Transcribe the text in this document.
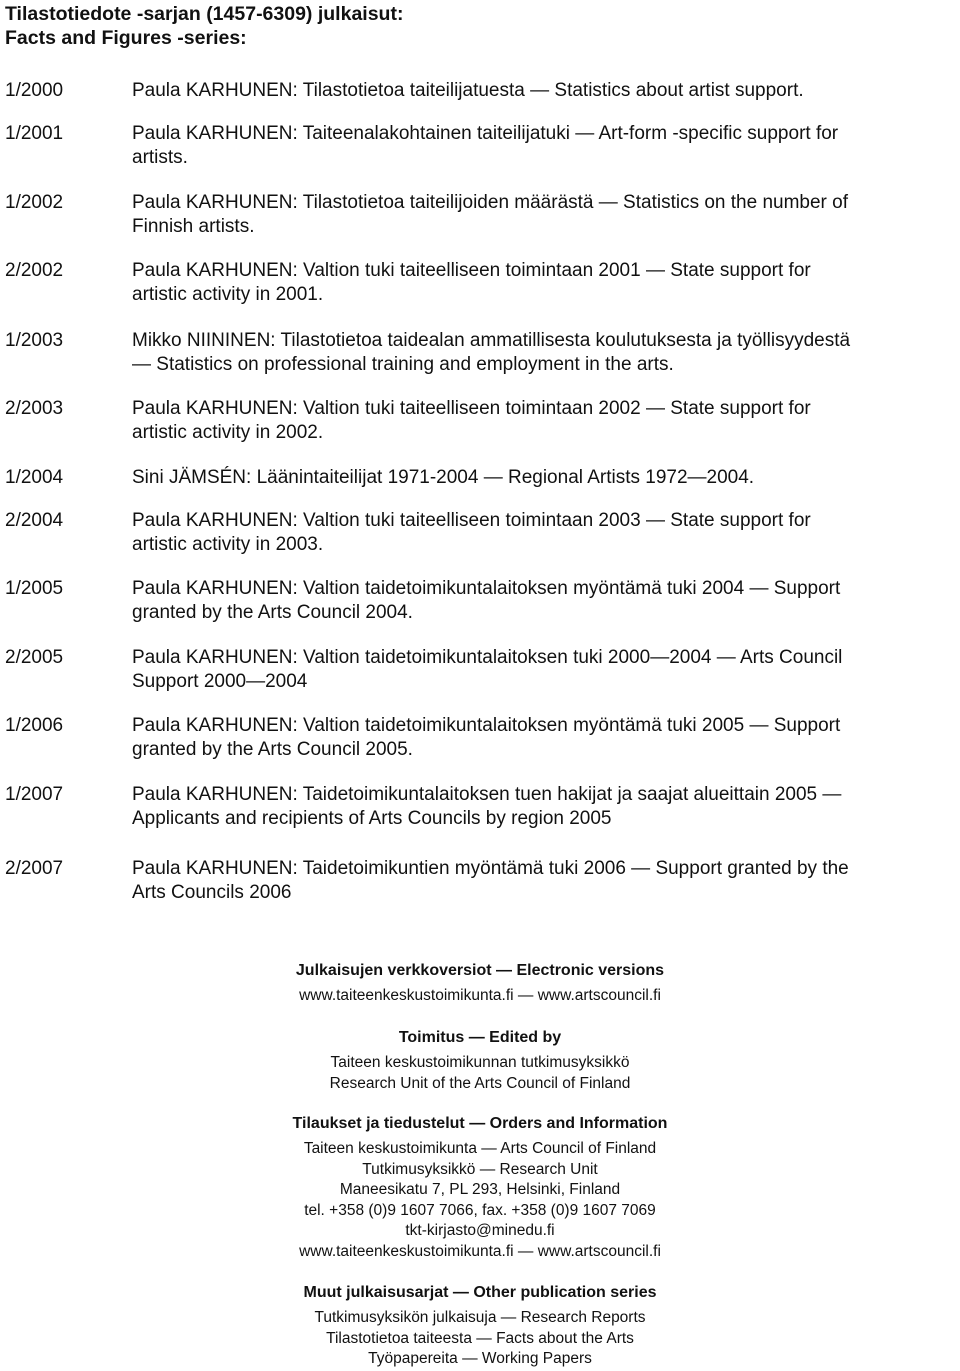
Tilastotiedote -sarjan (1457-6309) julkaisut:
Facts and Figures -series:
1/2000	Paula KARHUNEN: Tilastotietoa taiteilijatuesta — Statistics about artist support.
1/2001	Paula KARHUNEN: Taiteenalakohtainen taiteilijatuki — Art-form -specific support for
artists.
1/2002	Paula KARHUNEN: Tilastotietoa taiteilijoiden määrästä — Statistics on the number of
Finnish artists.
2/2002	Paula KARHUNEN: Valtion tuki taiteelliseen toimintaan 2001 — State support for
artistic activity in 2001.
1/2003	Mikko NIININEN: Tilastotietoa taidealan ammatillisesta koulutuksesta ja työllisyydestä
— Statistics on professional training and employment in the arts.
2/2003	Paula KARHUNEN: Valtion tuki taiteelliseen toimintaan 2002 — State support for
artistic activity in 2002.
1/2004	Sini JÄMSÉN: Läänintaiteilijat 1971-2004 — Regional Artists 1972—2004.
2/2004	Paula KARHUNEN: Valtion tuki taiteelliseen toimintaan 2003 — State support for
artistic activity in 2003.
1/2005	Paula KARHUNEN: Valtion taidetoimikuntalaitoksen myöntämä tuki 2004 — Support
granted by the Arts Council 2004.
2/2005	Paula KARHUNEN: Valtion taidetoimikuntalaitoksen tuki 2000—2004 — Arts Council
Support 2000—2004
1/2006	Paula KARHUNEN: Valtion taidetoimikuntalaitoksen myöntämä tuki 2005 — Support
granted by the Arts Council 2005.
1/2007	Paula KARHUNEN: Taidetoimikuntalaitoksen tuen hakijat ja saajat alueittain 2005 —
Applicants and recipients of Arts Councils by region 2005
2/2007	Paula KARHUNEN: Taidetoimikuntien myöntämä tuki 2006 — Support granted by the
Arts Councils 2006
Julkaisujen verkkoversiot — Electronic versions
www.taiteenkeskustoimikunta.fi — www.artscouncil.fi
Toimitus — Edited by
Taiteen keskustoimikunnan tutkimusyksikkö
Research Unit of the Arts Council of Finland
Tilaukset ja tiedustelut — Orders and Information
Taiteen keskustoimikunta — Arts Council of Finland
Tutkimusyksikkö — Research Unit
Maneesikatu 7, PL 293, Helsinki, Finland
tel. +358 (0)9 1607 7066, fax. +358 (0)9 1607 7069
tkt-kirjasto@minedu.fi
www.taiteenkeskustoimikunta.fi — www.artscouncil.fi
Muut julkaisusarjat — Other publication series
Tutkimusyksikön julkaisuja — Research Reports
Tilastotietoa taiteesta — Facts about the Arts
Työpapereita — Working Papers
